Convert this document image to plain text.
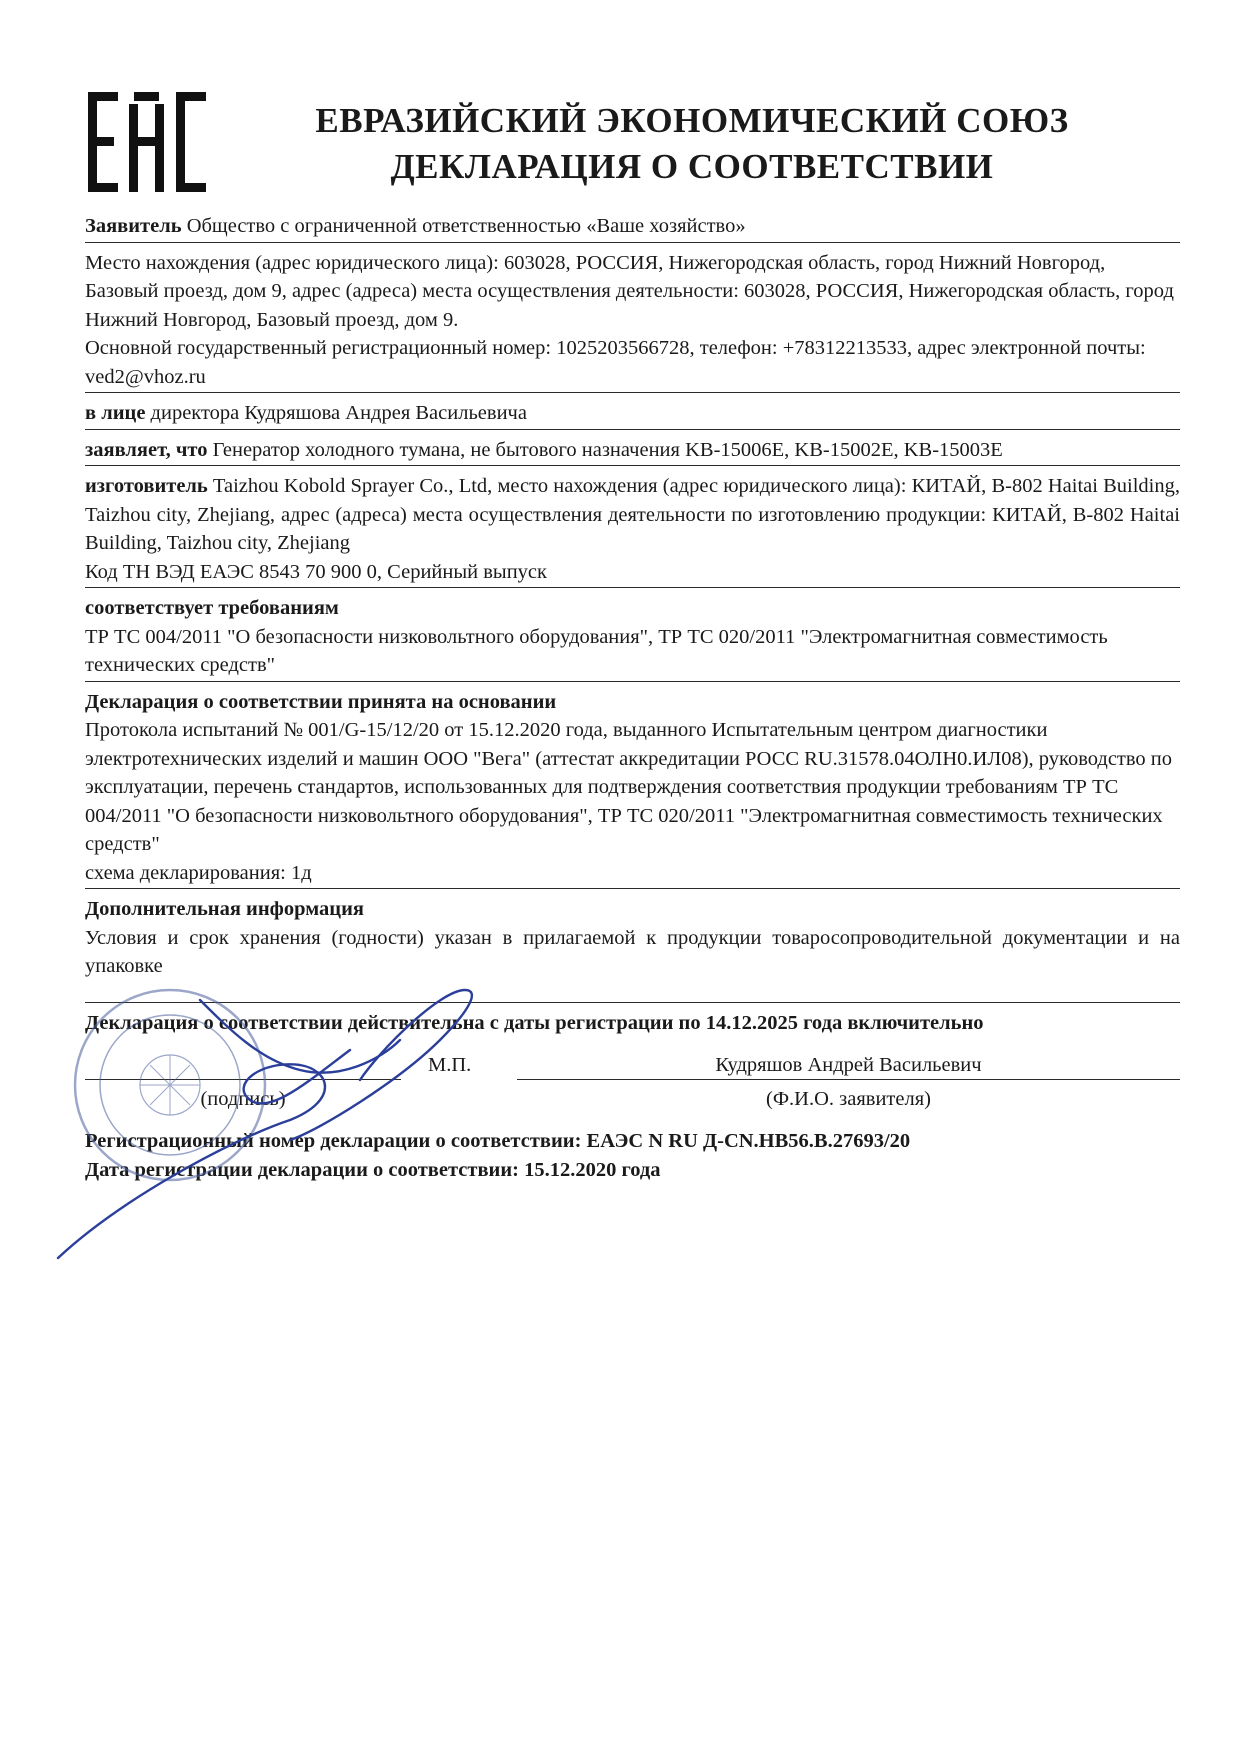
ЕВРАЗИЙСКИЙ ЭКОНОМИЧЕСКИЙ СОЮЗ
ДЕКЛАРАЦИЯ О СООТВЕТСТВИИ

Заявитель Общество с ограниченной ответственностью «Ваше хозяйство»

Место нахождения (адрес юридического лица): 603028, РОССИЯ, Нижегородская область, город Нижний Новгород, Базовый проезд, дом 9, адрес (адреса) места осуществления деятельности: 603028, РОССИЯ, Нижегородская область, город Нижний Новгород, Базовый проезд, дом 9.

Основной государственный регистрационный номер: 1025203566728, телефон: +78312213533, адрес электронной почты: ved2@vhoz.ru

в лице директора Кудряшова Андрея Васильевича

заявляет, что Генератор холодного тумана, не бытового назначения KB-15006E, KB-15002E, KB-15003E

изготовитель Taizhou Kobold Sprayer Co., Ltd, место нахождения (адрес юридического лица): КИТАЙ, B-802 Haitai Building, Taizhou city, Zhejiang, адрес (адреса) места осуществления деятельности по изготовлению продукции: КИТАЙ, B-802 Haitai Building, Taizhou city, Zhejiang

Код ТН ВЭД ЕАЭС 8543 70 900 0, Серийный выпуск

соответствует требованиям

ТР ТС 004/2011 "О безопасности низковольтного оборудования", ТР ТС 020/2011 "Электромагнитная совместимость технических средств"

Декларация о соответствии принята на основании

Протокола испытаний № 001/G-15/12/20 от 15.12.2020 года, выданного Испытательным центром диагностики электротехнических изделий и машин ООО "Вега" (аттестат аккредитации РОСС RU.31578.04ОЛН0.ИЛ08), руководство по эксплуатации, перечень стандартов, использованных для подтверждения соответствия продукции требованиям ТР ТС 004/2011 "О безопасности низковольтного оборудования", ТР ТС 020/2011 "Электромагнитная совместимость технических средств"

схема декларирования: 1д

Дополнительная информация

Условия и срок хранения (годности) указан в прилагаемой к продукции товаросопроводительной документации и на упаковке

Декларация о соответствии действительна с даты регистрации по 14.12.2025 года включительно

М.П.	Кудряшов Андрей Васильевич
(подпись)	(Ф.И.О. заявителя)

Регистрационный номер декларации о соответствии: ЕАЭС N RU Д-CN.НВ56.В.27693/20

Дата регистрации декларации о соответствии: 15.12.2020 года
